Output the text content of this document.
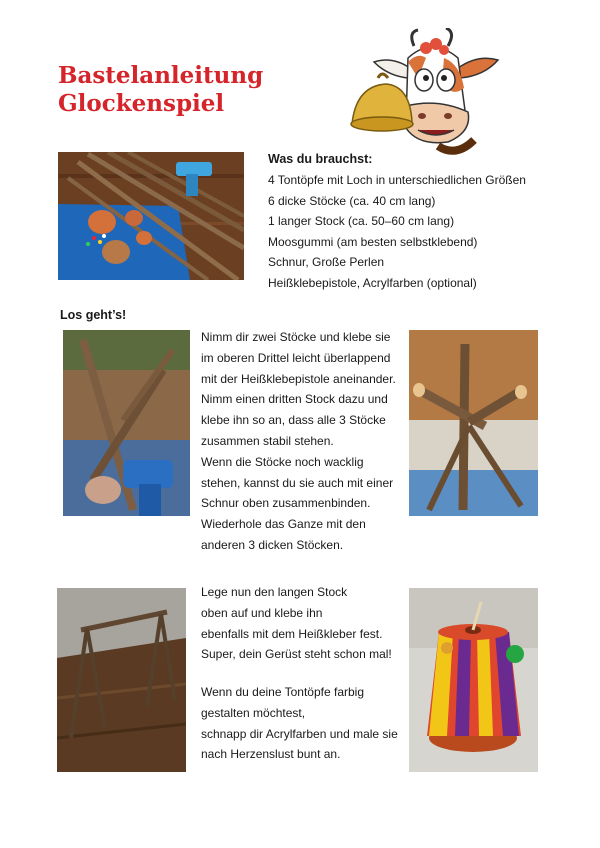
Bastelanleitung
Glockenspiel
Was du brauchst:
4 Tontöpfe mit Loch in unterschiedlichen Größen
6 dicke Stöcke (ca. 40 cm lang)
1 langer Stock (ca. 50–60 cm lang)
Moosgummi (am besten selbstklebend)
Schnur, Große Perlen
Heißklebepistole, Acrylfarben (optional)
Los geht’s!

Nimm dir zwei Stöcke und klebe sie

im oberen Drittel leicht überlappend

mit der Heißklebepistole aneinander.

Nimm einen dritten Stock dazu und

klebe ihn so an, dass alle 3 Stöcke

zusammen stabil stehen.

Wenn die Stöcke noch wacklig

stehen, kannst du sie auch mit einer

Schnur oben zusammenbinden.

Wiederhole das Ganze mit den

anderen 3 dicken Stöcken.

Lege nun den langen Stock

oben auf und klebe ihn

ebenfalls mit dem Heißkleber fest.

Super, dein Gerüst steht schon mal!

Wenn du deine Tontöpfe farbig

gestalten möchtest,

schnapp dir Acrylfarben und male sie

nach Herzenslust bunt an.
